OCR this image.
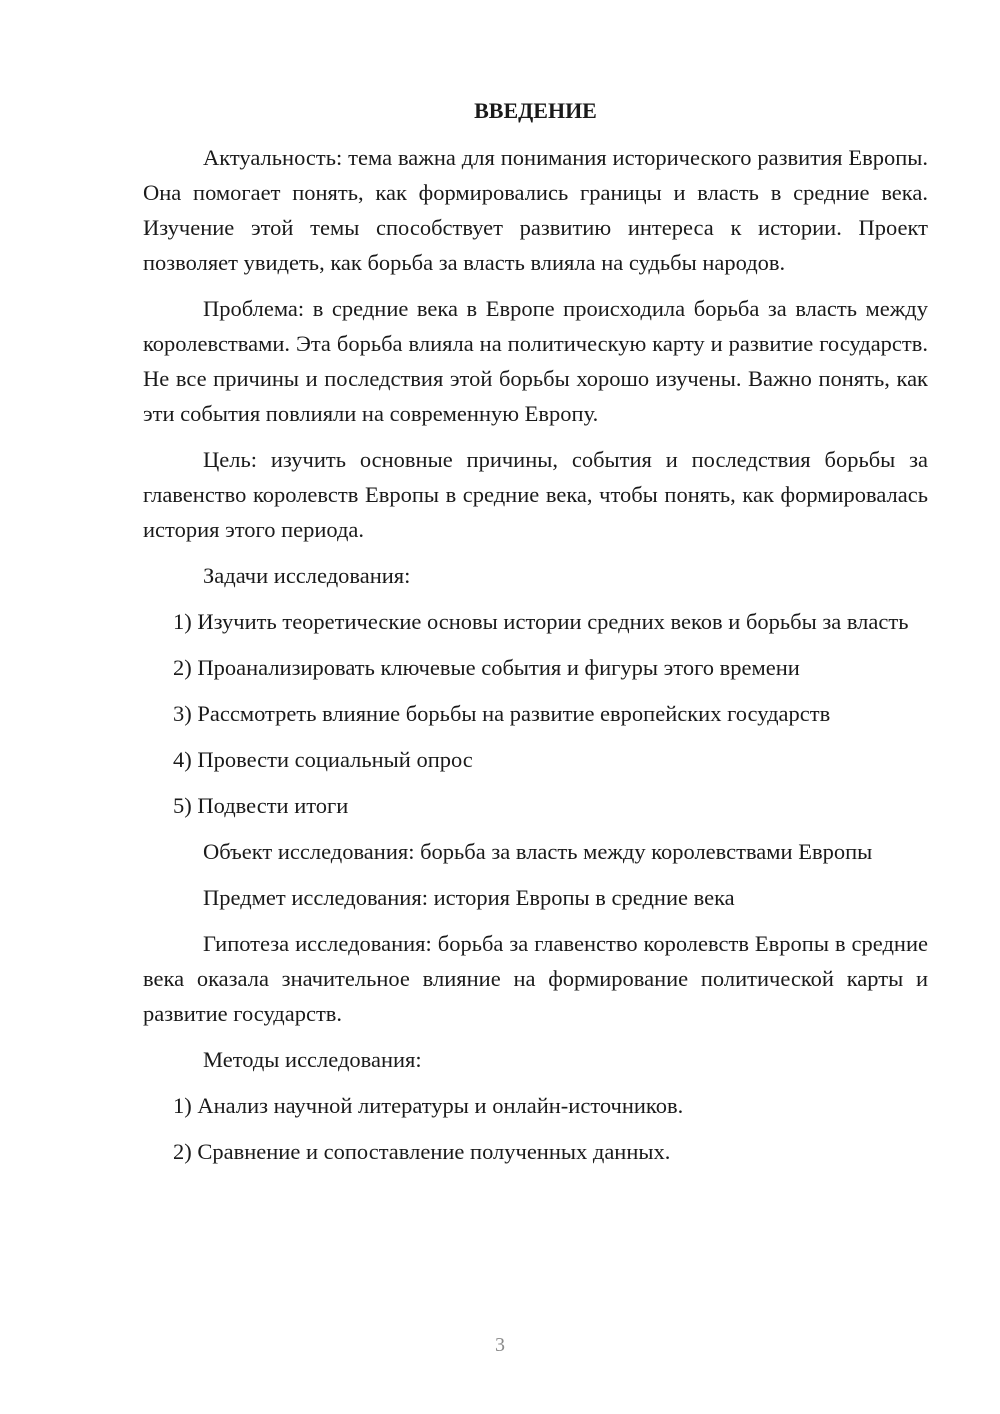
ВВЕДЕНИЕ

Актуальность: тема важна для понимания исторического развития Европы. Она помогает понять, как формировались границы и власть в средние века. Изучение этой темы способствует развитию интереса к истории. Проект позволяет увидеть, как борьба за власть влияла на судьбы народов.

Проблема: в средние века в Европе происходила борьба за власть между королевствами. Эта борьба влияла на политическую карту и развитие государств. Не все причины и последствия этой борьбы хорошо изучены. Важно понять, как эти события повлияли на современную Европу.

Цель: изучить основные причины, события и последствия борьбы за главенство королевств Европы в средние века, чтобы понять, как формировалась история этого периода.

Задачи исследования:

1) Изучить теоретические основы истории средних веков и борьбы за власть

2) Проанализировать ключевые события и фигуры этого времени

3) Рассмотреть влияние борьбы на развитие европейских государств

4) Провести социальный опрос

5) Подвести итоги

Объект исследования: борьба за власть между королевствами Европы

Предмет исследования: история Европы в средние века

Гипотеза исследования: борьба за главенство королевств Европы в средние века оказала значительное влияние на формирование политической карты и развитие государств.

Методы исследования:

1) Анализ научной литературы и онлайн-источников.

2) Сравнение и сопоставление полученных данных.

3
